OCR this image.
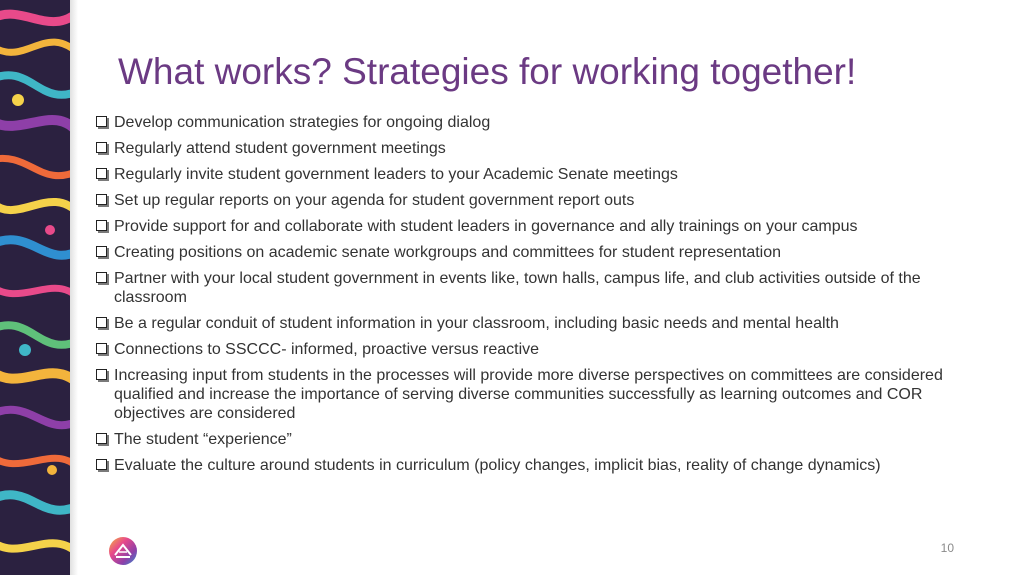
What works? Strategies for working together!
Develop communication strategies for ongoing dialog
Regularly attend student government meetings
Regularly invite student government leaders to your Academic Senate meetings
Set up regular reports on your agenda for student government report outs
Provide support for and collaborate with student leaders in governance and ally trainings on your campus
Creating positions on academic senate workgroups and committees for student representation
Partner with your local student government in events like, town halls, campus life, and club activities outside of the classroom
Be a regular conduit of student information in your classroom, including basic needs and mental health
Connections to SSCCC- informed, proactive versus reactive
Increasing input from students in the processes will provide more diverse perspectives on committees are considered qualified and increase the importance of serving diverse communities successfully as learning outcomes and COR objectives are considered
The student “experience”
Evaluate the culture around students in curriculum (policy changes, implicit bias, reality of change dynamics)
10
